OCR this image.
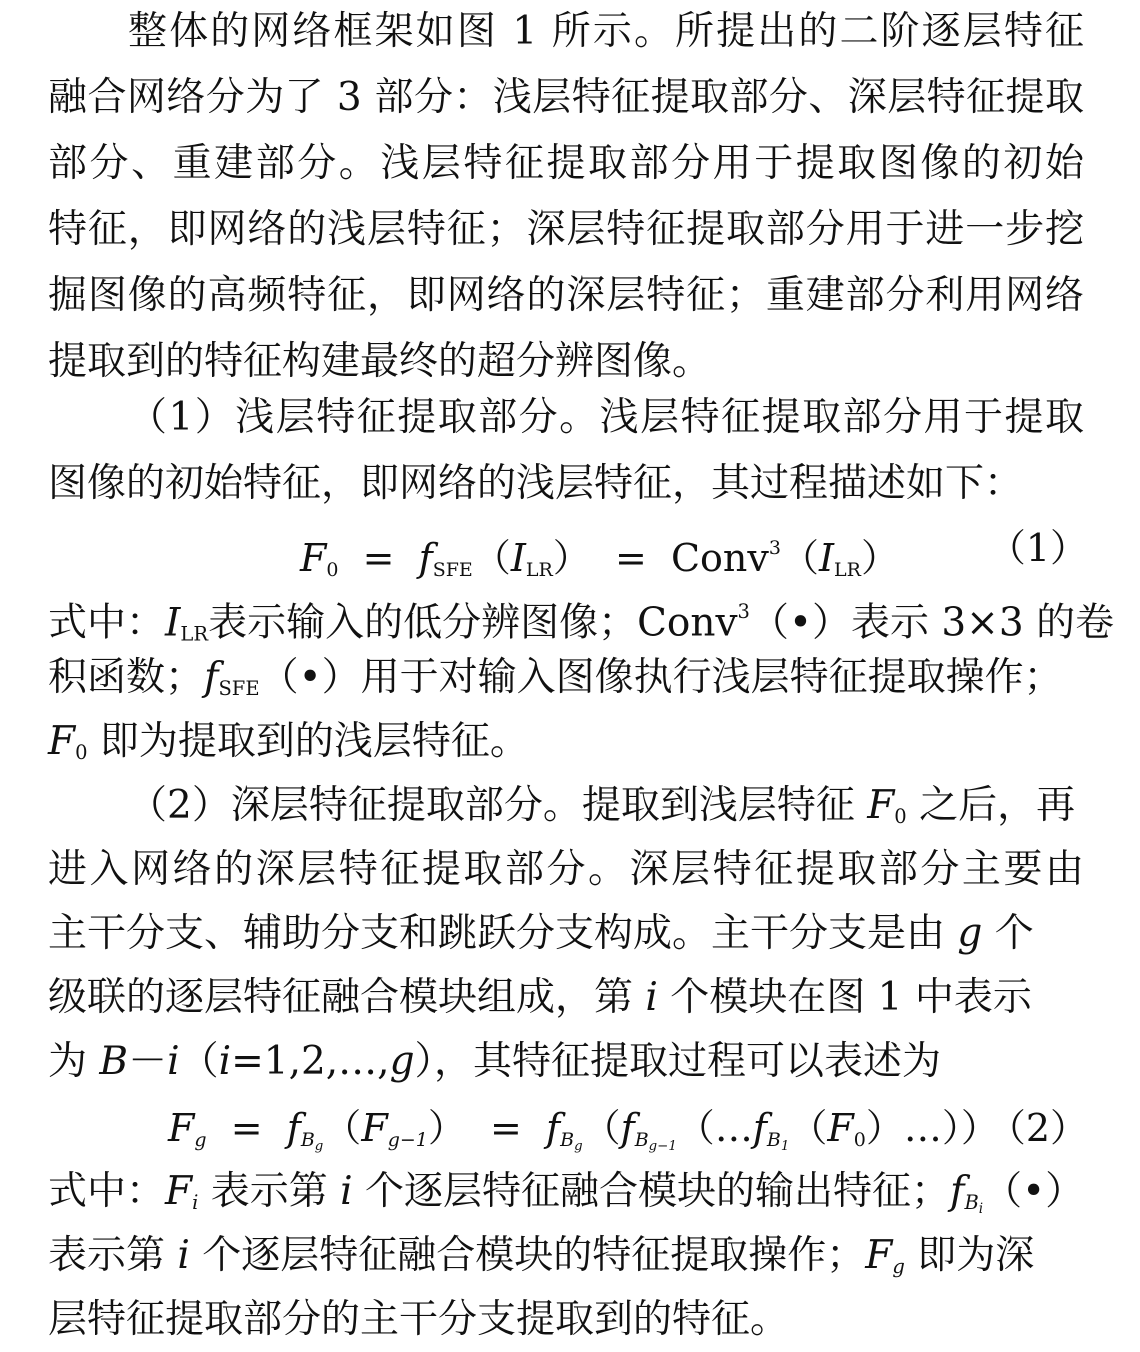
整体的网络框架如图 1 所示。所提出的二阶逐层特征
融合网络分为了 3 部分：浅层特征提取部分、深层特征提取
部分、重建部分。浅层特征提取部分用于提取图像的初始
特征，即网络的浅层特征；深层特征提取部分用于进一步挖
掘图像的高频特征，即网络的深层特征；重建部分利用网络
提取到的特征构建最终的超分辨图像。
（1）浅层特征提取部分。浅层特征提取部分用于提取
图像的初始特征，即网络的浅层特征，其过程描述如下：
$F_0 = f_{SFE}(I_{LR})$  = $Conv^3(I_{LR})$ （1）
式中：$I_{LR}$表示输入的低分辨图像；Conv$^3$（•）表示 3×3 的卷
积函数；$f_{SFE}(•)$用于对输入图像执行浅层特征提取操作；
$F_0$ 即为提取到的浅层特征。
（2）深层特征提取部分。提取到浅层特征 $F_0$ 之后，再
进入网络的深层特征提取部分。深层特征提取部分主要由
主干分支、辅助分支和跳跃分支构成。主干分支是由 g 个
级联的逐层特征融合模块组成，第 i 个模块在图 1 中表示
为 B－i（i=1,2,…,g），其特征提取过程可以表述为
$F_g = f_{B_g}(F_{g-1})$  = $f_{B_g}(f_{B_{g-1}}(\dots f_{B_1}(F_0)\dots))$
（2）
式中：$F_i$ 表示第 i 个逐层特征融合模块的输出特征；$f_{B_i}(•)$
表示第 i 个逐层特征融合模块的特征提取操作；$F_g$ 即为深
层特征提取部分的主干分支提取到的特征。
